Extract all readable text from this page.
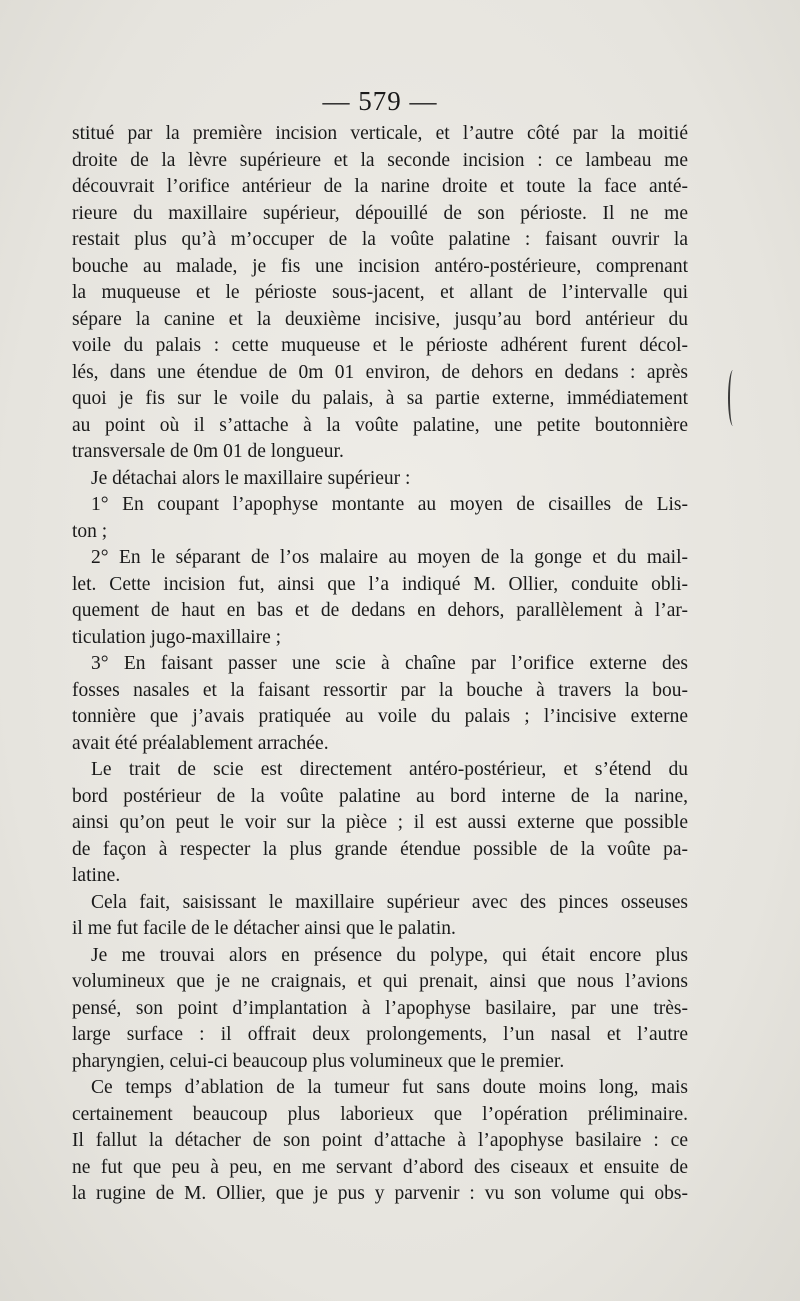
— 579 —
stitué par la première incision verticale, et l’autre côté par la moitié
droite de la lèvre supérieure et la seconde incision : ce lambeau me
découvrait l’orifice antérieur de la narine droite et toute la face anté-
rieure du maxillaire supérieur, dépouillé de son périoste. Il ne me
restait plus qu’à m’occuper de la voûte palatine : faisant ouvrir la
bouche au malade, je fis une incision antéro-postérieure, comprenant
la muqueuse et le périoste sous-jacent, et allant de l’intervalle qui
sépare la canine et la deuxième incisive, jusqu’au bord antérieur du
voile du palais : cette muqueuse et le périoste adhérent furent décol-
lés, dans une étendue de 0m 01 environ, de dehors en dedans : après
quoi je fis sur le voile du palais, à sa partie externe, immédiatement
au point où il s’attache à la voûte palatine, une petite boutonnière
transversale de 0m 01 de longueur.
Je détachai alors le maxillaire supérieur :
1° En coupant l’apophyse montante au moyen de cisailles de Lis-
ton ;
2° En le séparant de l’os malaire au moyen de la gonge et du mail-
let. Cette incision fut, ainsi que l’a indiqué M. Ollier, conduite obli-
quement de haut en bas et de dedans en dehors, parallèlement à l’ar-
ticulation jugo-maxillaire ;
3° En faisant passer une scie à chaîne par l’orifice externe des
fosses nasales et la faisant ressortir par la bouche à travers la bou-
tonnière que j’avais pratiquée au voile du palais ; l’incisive externe
avait été préalablement arrachée.
Le trait de scie est directement antéro-postérieur, et s’étend du
bord postérieur de la voûte palatine au bord interne de la narine,
ainsi qu’on peut le voir sur la pièce ; il est aussi externe que possible
de façon à respecter la plus grande étendue possible de la voûte pa-
latine.
Cela fait, saisissant le maxillaire supérieur avec des pinces osseuses
il me fut facile de le détacher ainsi que le palatin.
Je me trouvai alors en présence du polype, qui était encore plus
volumineux que je ne craignais, et qui prenait, ainsi que nous l’avions
pensé, son point d’implantation à l’apophyse basilaire, par une très-
large surface : il offrait deux prolongements, l’un nasal et l’autre
pharyngien, celui-ci beaucoup plus volumineux que le premier.
Ce temps d’ablation de la tumeur fut sans doute moins long, mais
certainement beaucoup plus laborieux que l’opération préliminaire.
Il fallut la détacher de son point d’attache à l’apophyse basilaire : ce
ne fut que peu à peu, en me servant d’abord des ciseaux et ensuite de
la rugine de M. Ollier, que je pus y parvenir : vu son volume qui obs-
